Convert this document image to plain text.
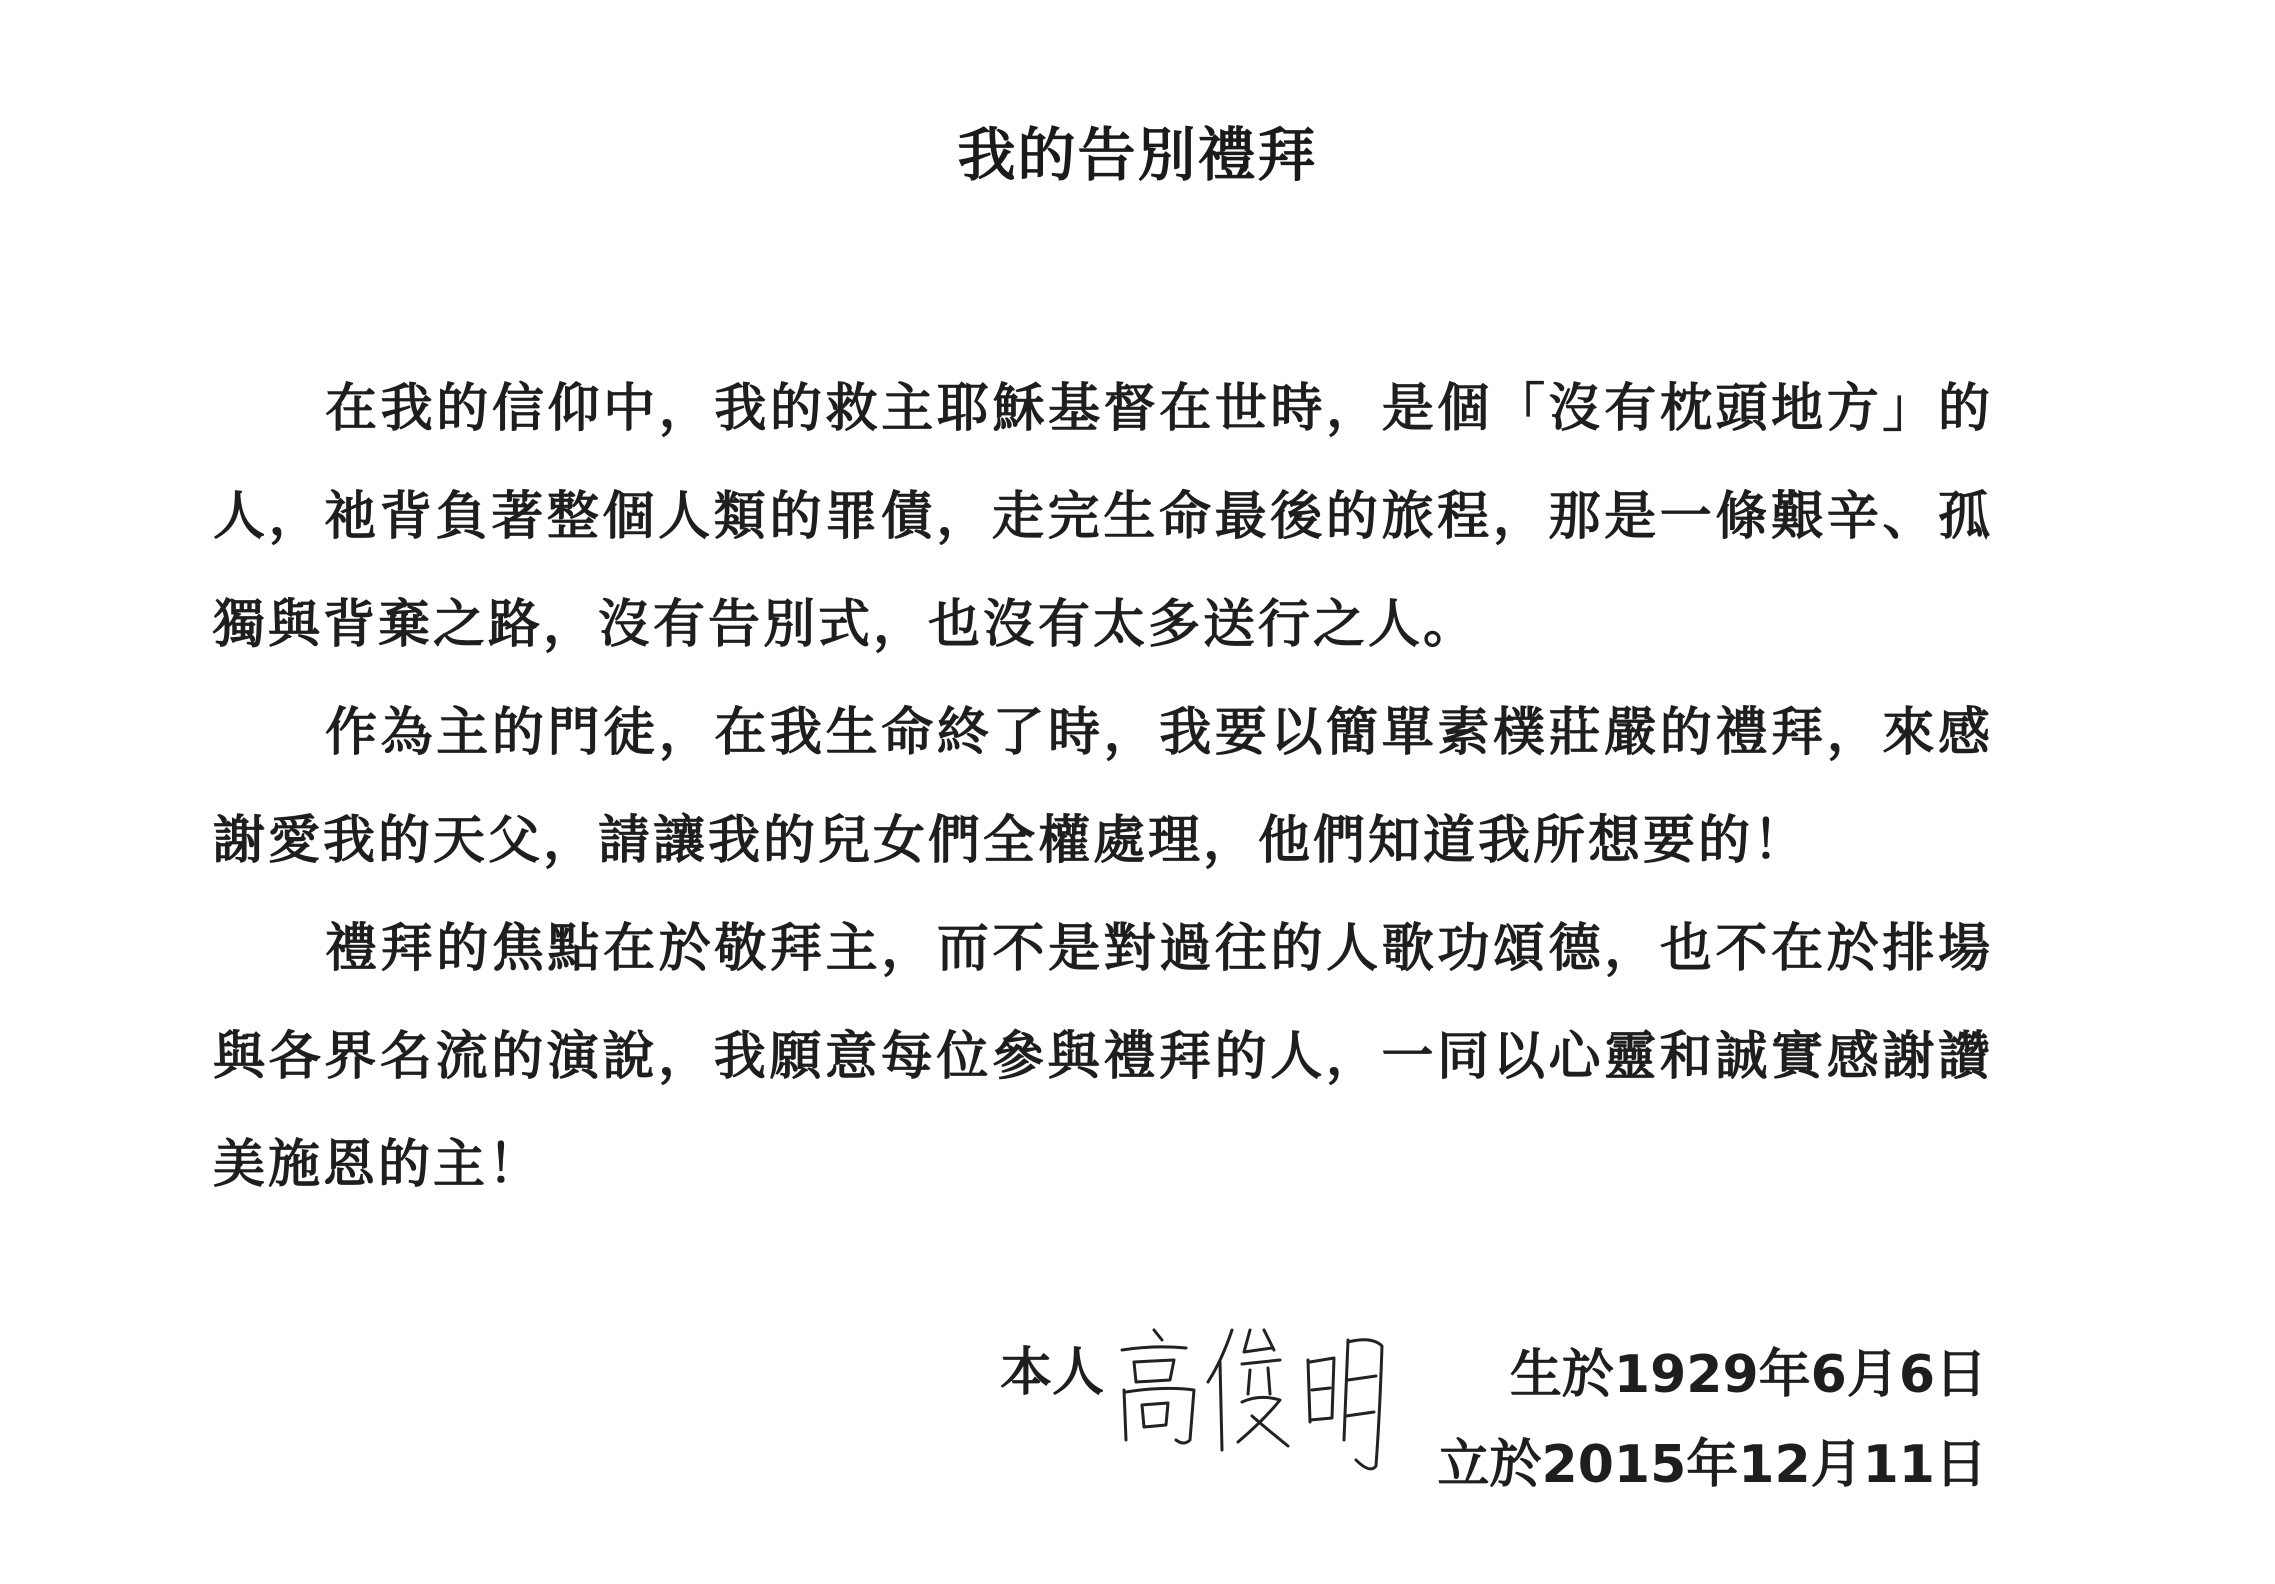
我的告別禮拜

在我的信仰中，我的救主耶穌基督在世時，是個「沒有枕頭地方」的人，祂背負著整個人類的罪債，走完生命最後的旅程，那是一條艱辛、孤獨與背棄之路，沒有告別式，也沒有太多送行之人。

作為主的門徒，在我生命終了時，我要以簡單素樸莊嚴的禮拜，來感謝愛我的天父，請讓我的兒女們全權處理，他們知道我所想要的！

禮拜的焦點在於敬拜主，而不是對過往的人歌功頌德，也不在於排場與各界名流的演說，我願意每位參與禮拜的人，一同以心靈和誠實感謝讚美施恩的主！

本人	生於1929年6月6日
立於2015年12月11日
